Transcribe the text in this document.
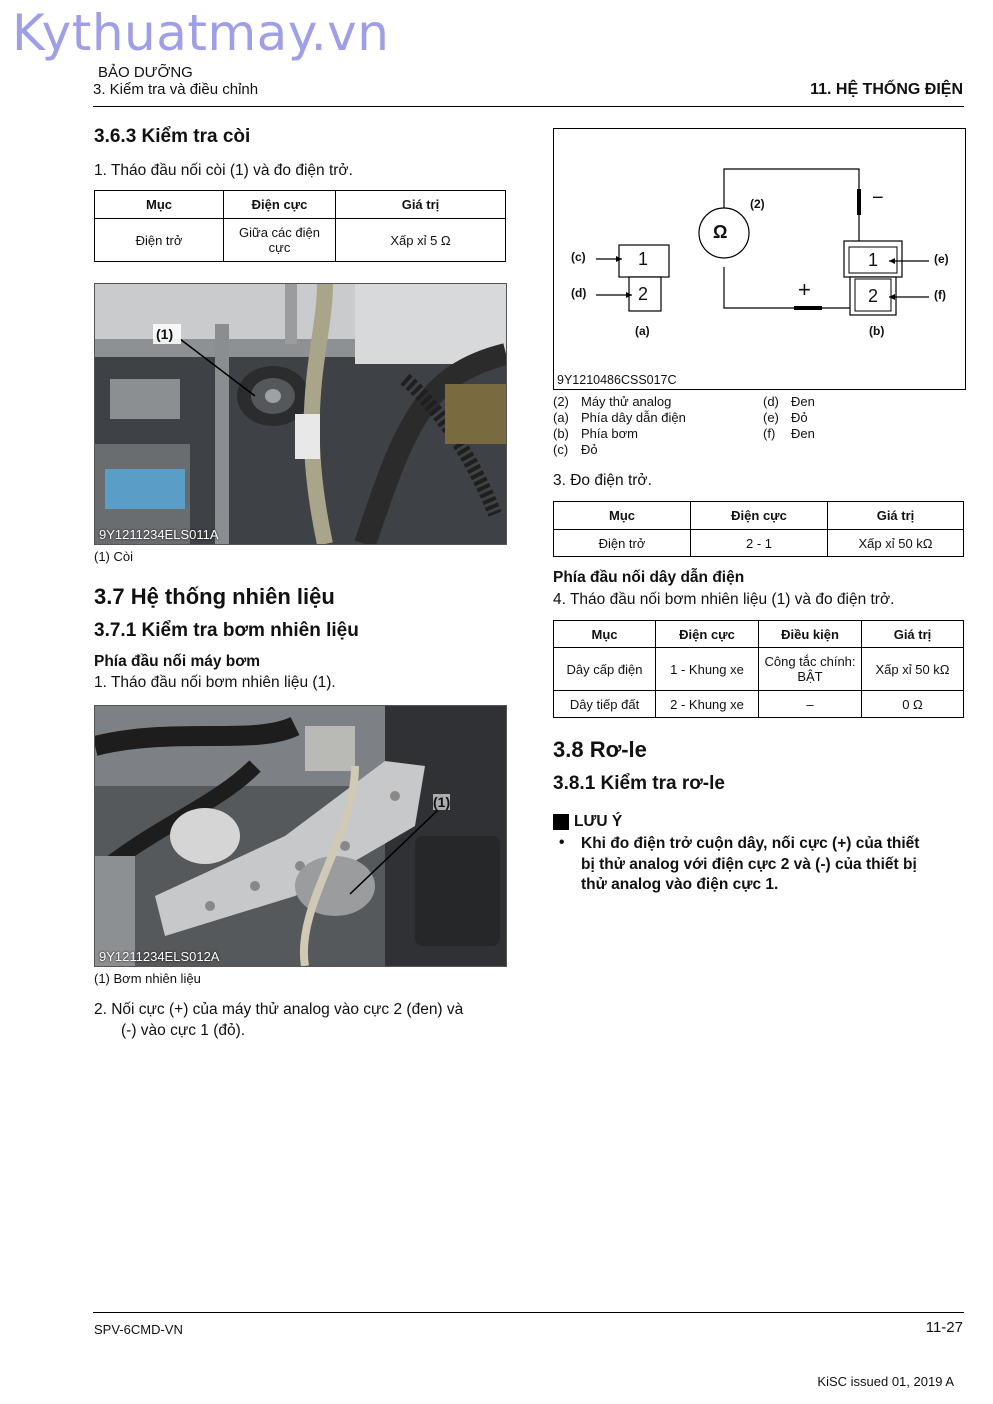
Kythuatmay.vn
BẢO DƯỠNG
3. Kiểm tra và điều chỉnh	11. HỆ THỐNG ĐIỆN
3.6.3 Kiểm tra còi
1. Tháo đầu nối còi (1) và đo điện trở.
Mục	Điện cực	Giá trị
Điện trở	Giữa các điện cực	Xấp xỉ 5 Ω
(1)
9Y1211234ELS011A
(1) Còi
3.7 Hệ thống nhiên liệu
3.7.1 Kiểm tra bơm nhiên liệu
Phía đầu nối máy bơm
1. Tháo đầu nối bơm nhiên liệu (1).
(1)
9Y1211234ELS012A
(1) Bơm nhiên liệu
2. Nối cực (+) của máy thử analog vào cực 2 (đen) và
(-) vào cực 1 (đỏ).
Ω
(2)	−
+
1
2
1
2
(c)
(d)
(e)
(f)
(a)	(b)
9Y1210486CSS017C
(2) Máy thử analog
(a) Phía dây dẫn điện
(b) Phía bơm
(c) Đỏ
(d) Đen
(e) Đỏ
(f) Đen
3. Đo điện trở.
Mục	Điện cực	Giá trị
Điện trở	2 - 1	Xấp xỉ 50 kΩ
Phía đầu nối dây dẫn điện
4. Tháo đầu nối bơm nhiên liệu (1) và đo điện trở.
Mục	Điện cực	Điều kiện	Giá trị
Dây cấp điện	1 - Khung xe	Công tắc chính: BẬT	Xấp xỉ 50 kΩ
Dây tiếp đất	2 - Khung xe	–	0 Ω
3.8 Rơ-le
3.8.1 Kiểm tra rơ-le
LƯU Ý
• Khi đo điện trở cuộn dây, nối cực (+) của thiết
bị thử analog với điện cực 2 và (-) của thiết bị
thử analog vào điện cực 1.
SPV-6CMD-VN	11-27
KiSC issued 01, 2019 A
